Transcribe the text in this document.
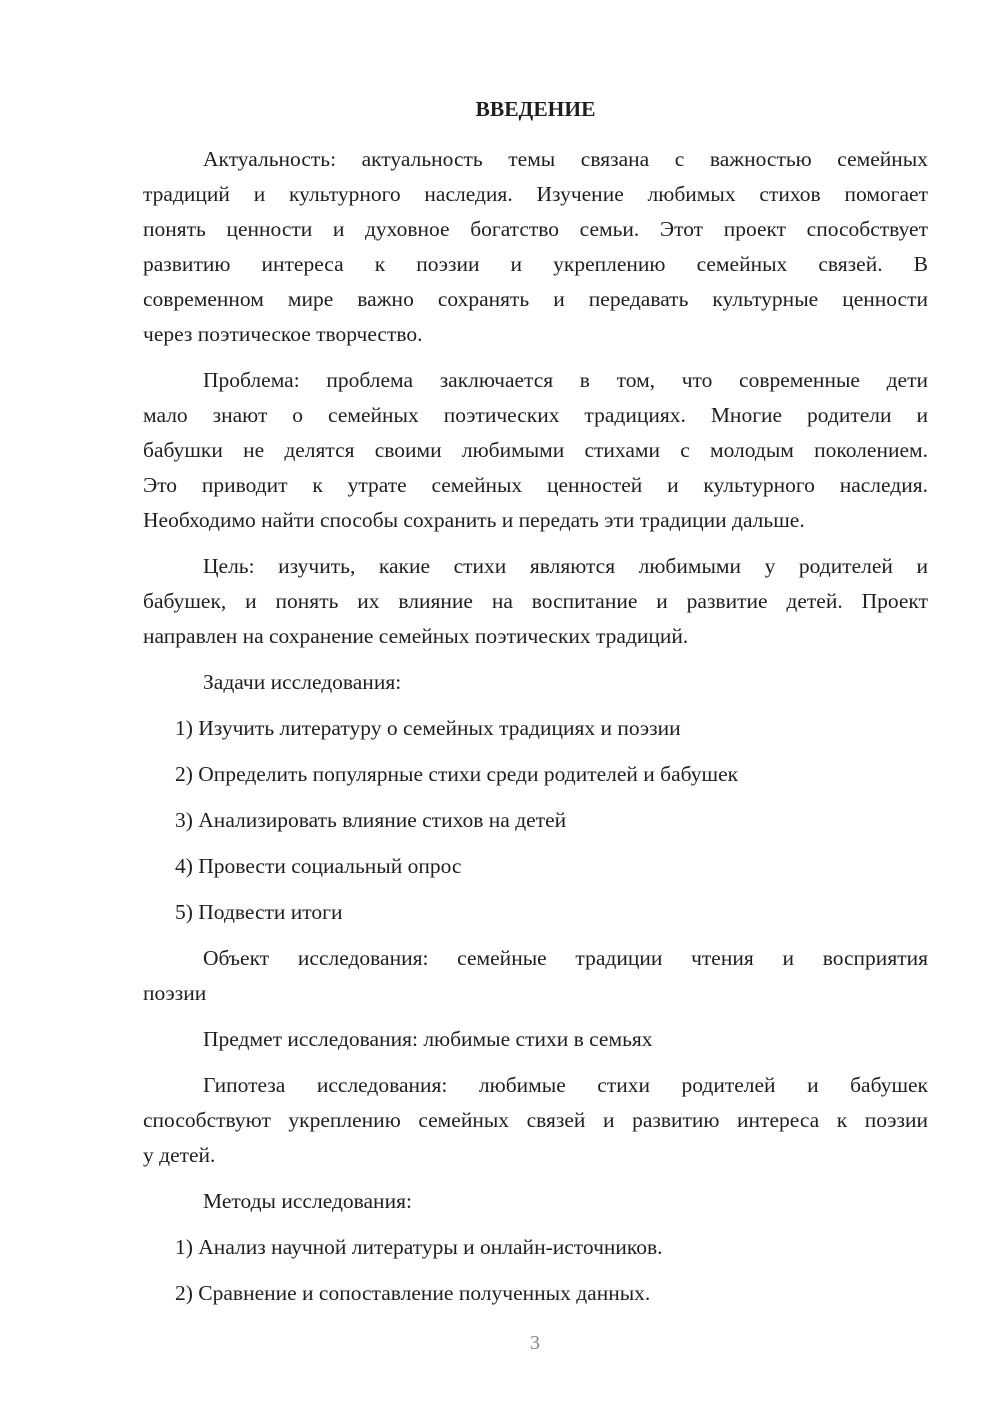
ВВЕДЕНИЕ
Актуальность: актуальность темы связана с важностью семейных
традиций и культурного наследия. Изучение любимых стихов помогает
понять ценности и духовное богатство семьи. Этот проект способствует
развитию интереса к поэзии и укреплению семейных связей. В
современном мире важно сохранять и передавать культурные ценности
через поэтическое творчество.
Проблема: проблема заключается в том, что современные дети
мало знают о семейных поэтических традициях. Многие родители и
бабушки не делятся своими любимыми стихами с молодым поколением.
Это приводит к утрате семейных ценностей и культурного наследия.
Необходимо найти способы сохранить и передать эти традиции дальше.
Цель: изучить, какие стихи являются любимыми у родителей и
бабушек, и понять их влияние на воспитание и развитие детей. Проект
направлен на сохранение семейных поэтических традиций.
Задачи исследования:
1) Изучить литературу о семейных традициях и поэзии
2) Определить популярные стихи среди родителей и бабушек
3) Анализировать влияние стихов на детей
4) Провести социальный опрос
5) Подвести итоги
Объект исследования: семейные традиции чтения и восприятия
поэзии
Предмет исследования: любимые стихи в семьях
Гипотеза исследования: любимые стихи родителей и бабушек
способствуют укреплению семейных связей и развитию интереса к поэзии
у детей.
Методы исследования:
1) Анализ научной литературы и онлайн-источников.
2) Сравнение и сопоставление полученных данных.
3
